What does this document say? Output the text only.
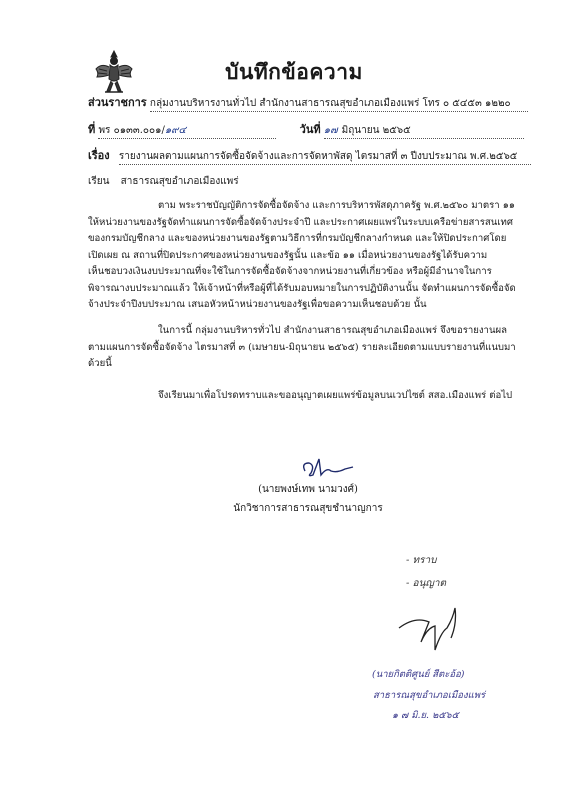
บันทึกข้อความ
ส่วนราชการ กลุ่มงานบริหารงานทั่วไป สำนักงานสาธารณสุขอำเภอเมืองแพร่ โทร ๐ ๕๔๕๓ ๑๒๒๐
ที่ พร ๐๑๓๓.๐๐๑/๑๙๔	วันที่ ๑๗ มิถุนายน ๒๕๖๕
เรื่อง รายงานผลตามแผนการจัดซื้อจัดจ้างและการจัดหาพัสดุ ไตรมาสที่ ๓ ปีงบประมาณ พ.ศ.๒๕๖๕
เรียน สาธารณสุขอำเภอเมืองแพร่
ตาม พระราชบัญญัติการจัดซื้อจัดจ้าง และการบริหารพัสดุภาครัฐ พ.ศ.๒๕๖๐ มาตรา ๑๑
ให้หน่วยงานของรัฐจัดทำแผนการจัดซื้อจัดจ้างประจำปี และประกาศเผยแพร่ในระบบเครือข่ายสารสนเทศ
ของกรมบัญชีกลาง และของหน่วยงานของรัฐตามวิธีการที่กรมบัญชีกลางกำหนด และให้ปิดประกาศโดย
เปิดเผย ณ สถานที่ปิดประกาศของหน่วยงานของรัฐนั้น และข้อ ๑๑ เมื่อหน่วยงานของรัฐได้รับความ
เห็นชอบวงเงินงบประมาณที่จะใช้ในการจัดซื้อจัดจ้างจากหน่วยงานที่เกี่ยวข้อง หรือผู้มีอำนาจในการ
พิจารณางบประมาณแล้ว ให้เจ้าหน้าที่หรือผู้ที่ได้รับมอบหมายในการปฏิบัติงานนั้น จัดทำแผนการจัดซื้อจัด
จ้างประจำปีงบประมาณ เสนอหัวหน้าหน่วยงานของรัฐเพื่อขอความเห็นชอบด้วย นั้น
ในการนี้ กลุ่มงานบริหารทั่วไป สำนักงานสาธารณสุขอำเภอเมืองแพร่ จึงขอรายงานผล
ตามแผนการจัดซื้อจัดจ้าง ไตรมาสที่ ๓ (เมษายน-มิถุนายน ๒๕๖๕) รายละเอียดตามแบบรายงานที่แนบมา
ด้วยนี้
จึงเรียนมาเพื่อโปรดทราบและขออนุญาตเผยแพร่ข้อมูลบนเวปไซต์ สสอ.เมืองแพร่ ต่อไป
(นายพงษ์เทพ นามวงศ์)
นักวิชาการสาธารณสุขชำนาญการ
- ทราบ
- อนุญาต
(นายกิตติศูนย์ สีตะอ้อ)
สาธารณสุขอำเภอเมืองแพร่
๑ ๗ มิ.ย. ๒๕๖๕
